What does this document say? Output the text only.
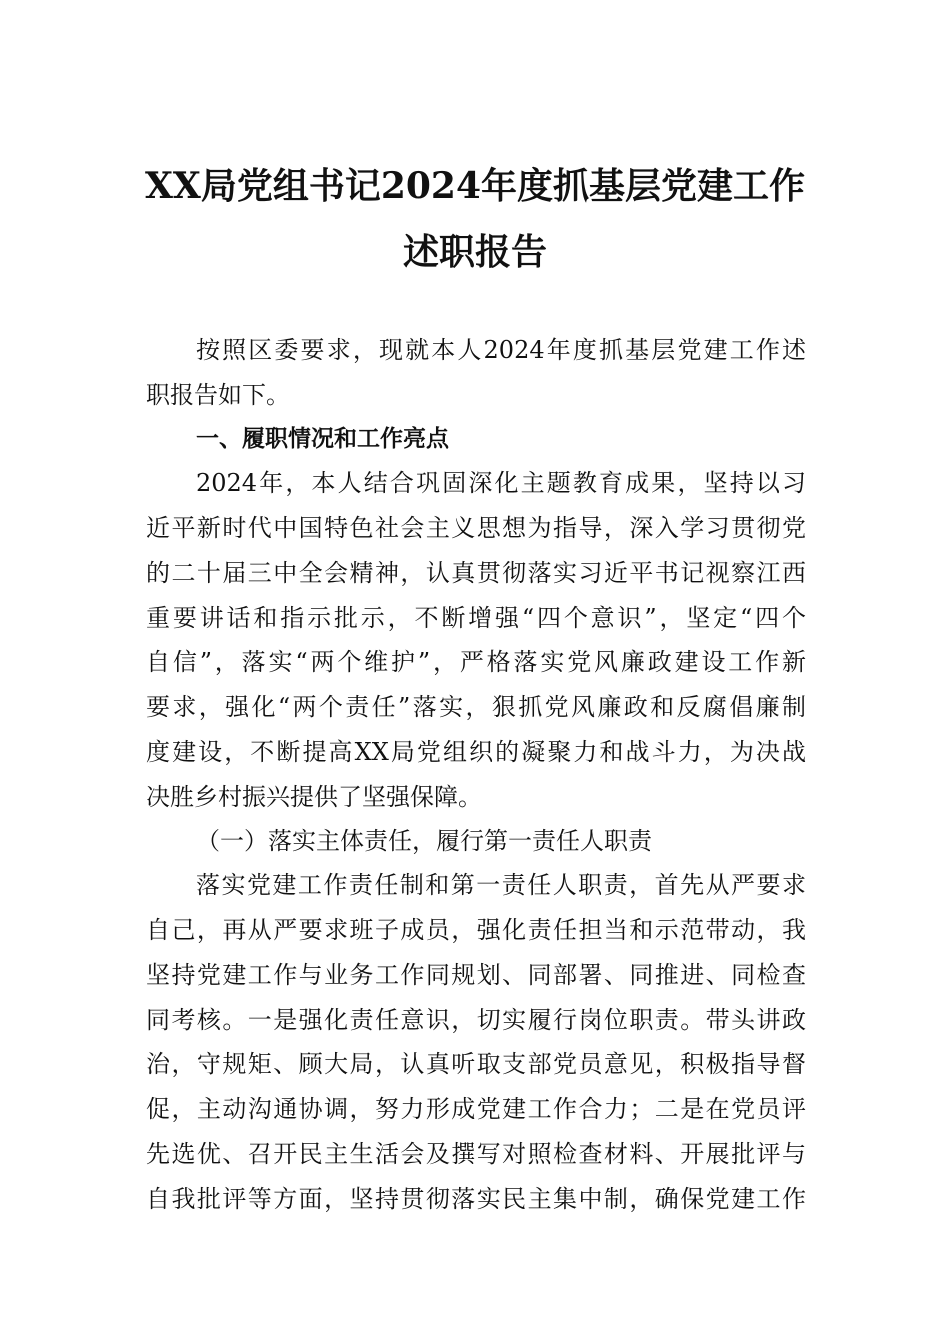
XX局党组书记2024年度抓基层党建工作
述职报告

按照区委要求，现就本人2024年度抓基层党建工作述

职报告如下。

一、履职情况和工作亮点

2024年，本人结合巩固深化主题教育成果，坚持以习

近平新时代中国特色社会主义思想为指导，深入学习贯彻党

的二十届三中全会精神，认真贯彻落实习近平书记视察江西

重要讲话和指示批示，不断增强“四个意识”，坚定“四个

自信”，落实“两个维护”，严格落实党风廉政建设工作新

要求，强化“两个责任”落实，狠抓党风廉政和反腐倡廉制

度建设，不断提高XX局党组织的凝聚力和战斗力，为决战

决胜乡村振兴提供了坚强保障。

（一）落实主体责任，履行第一责任人职责

落实党建工作责任制和第一责任人职责，首先从严要求

自己，再从严要求班子成员，强化责任担当和示范带动，我

坚持党建工作与业务工作同规划、同部署、同推进、同检查

同考核。一是强化责任意识，切实履行岗位职责。带头讲政

治，守规矩、顾大局，认真听取支部党员意见，积极指导督

促，主动沟通协调，努力形成党建工作合力；二是在党员评

先选优、召开民主生活会及撰写对照检查材料、开展批评与

自我批评等方面，坚持贯彻落实民主集中制，确保党建工作
